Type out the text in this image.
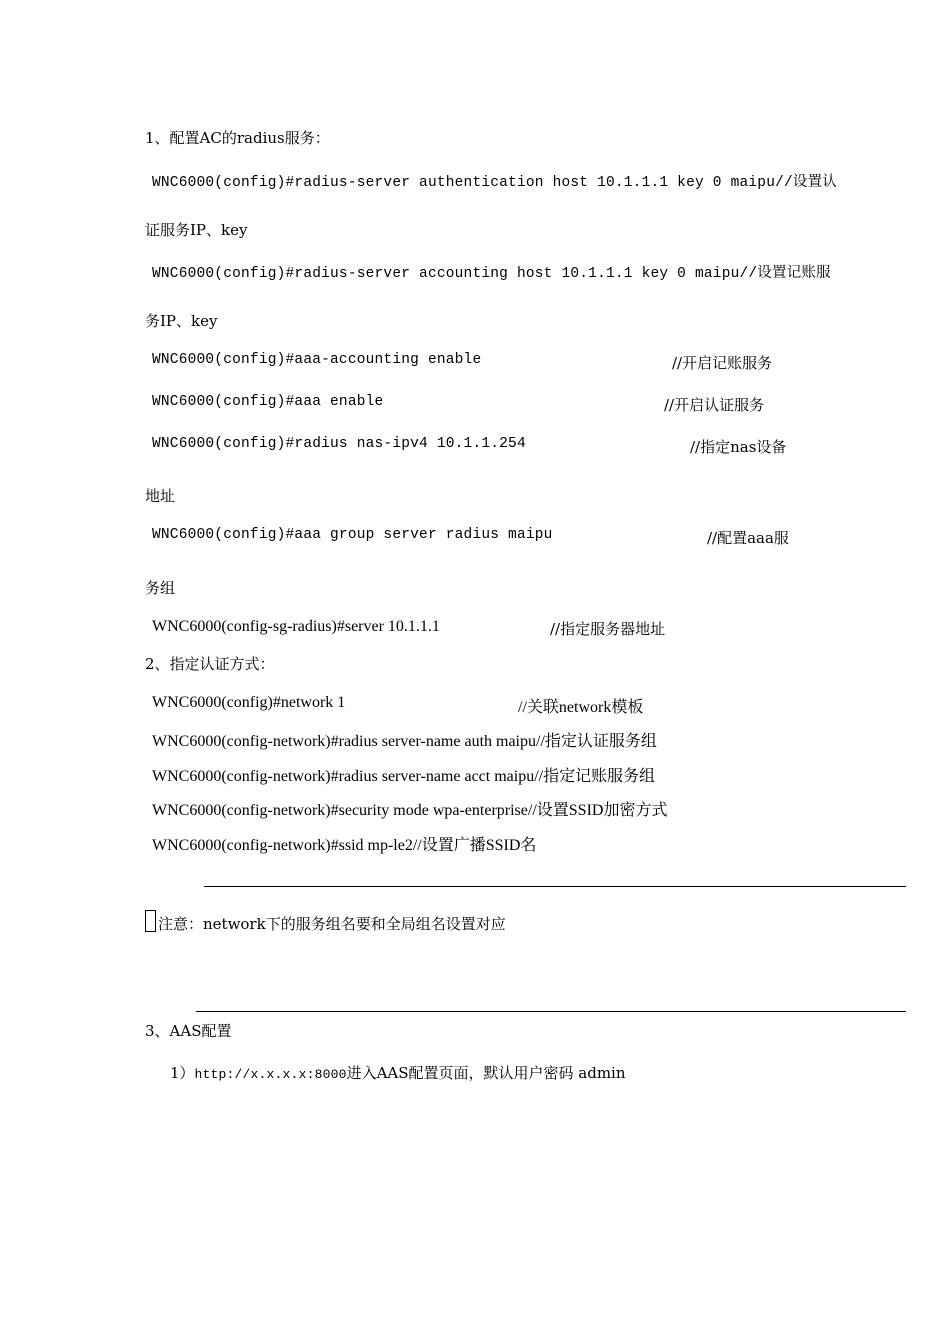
1、配置AC的radius服务：
WNC6000(config)#radius-server authentication host 10.1.1.1 key 0 maipu//设置认
证服务IP、key
WNC6000(config)#radius-server accounting host 10.1.1.1 key 0 maipu//设置记账服
务IP、key
WNC6000(config)#aaa-accounting enable	//开启记账服务
WNC6000(config)#aaa enable	//开启认证服务
WNC6000(config)#radius nas-ipv4 10.1.1.254	//指定nas设备
地址
WNC6000(config)#aaa group server radius maipu	//配置aaa服
务组
WNC6000(config-sg-radius)#server 10.1.1.1	//指定服务器地址
2、指定认证方式：
WNC6000(config)#network 1	//关联network模板
WNC6000(config-network)#radius server-name auth maipu//指定认证服务组
WNC6000(config-network)#radius server-name acct maipu//指定记账服务组
WNC6000(config-network)#security mode wpa-enterprise//设置SSID加密方式
WNC6000(config-network)#ssid mp-le2//设置广播SSID名
注意：network下的服务组名要和全局组名设置对应
3、AAS配置
1）http://x.x.x.x:8000进入AAS配置页面，默认用户密码 admin
